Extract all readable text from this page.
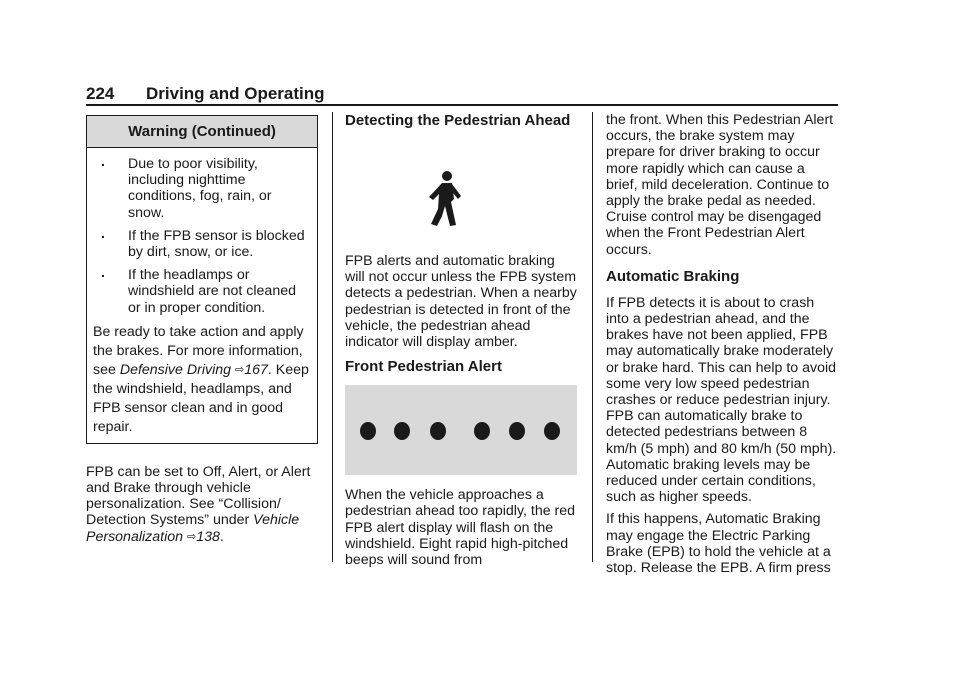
224 Driving and Operating
Warning (Continued)
. Due to poor visibility, including nighttime conditions, fog, rain, or snow.
. If the FPB sensor is blocked by dirt, snow, or ice.
. If the headlamps or windshield are not cleaned or in proper condition.
Be ready to take action and apply the brakes. For more information, see Defensive Driving ⇨167. Keep the windshield, headlamps, and FPB sensor clean and in good repair.

FPB can be set to Off, Alert, or Alert and Brake through vehicle personalization. See “Collision/ Detection Systems” under Vehicle Personalization ⇨138.

Detecting the Pedestrian Ahead

FPB alerts and automatic braking will not occur unless the FPB system detects a pedestrian. When a nearby pedestrian is detected in front of the vehicle, the pedestrian ahead indicator will display amber.

Front Pedestrian Alert

When the vehicle approaches a pedestrian ahead too rapidly, the red FPB alert display will flash on the windshield. Eight rapid high-pitched beeps will sound from

the front. When this Pedestrian Alert occurs, the brake system may prepare for driver braking to occur more rapidly which can cause a brief, mild deceleration. Continue to apply the brake pedal as needed. Cruise control may be disengaged when the Front Pedestrian Alert occurs.

Automatic Braking

If FPB detects it is about to crash into a pedestrian ahead, and the brakes have not been applied, FPB may automatically brake moderately or brake hard. This can help to avoid some very low speed pedestrian crashes or reduce pedestrian injury. FPB can automatically brake to detected pedestrians between 8 km/h (5 mph) and 80 km/h (50 mph). Automatic braking levels may be reduced under certain conditions, such as higher speeds.

If this happens, Automatic Braking may engage the Electric Parking Brake (EPB) to hold the vehicle at a stop. Release the EPB. A firm press
